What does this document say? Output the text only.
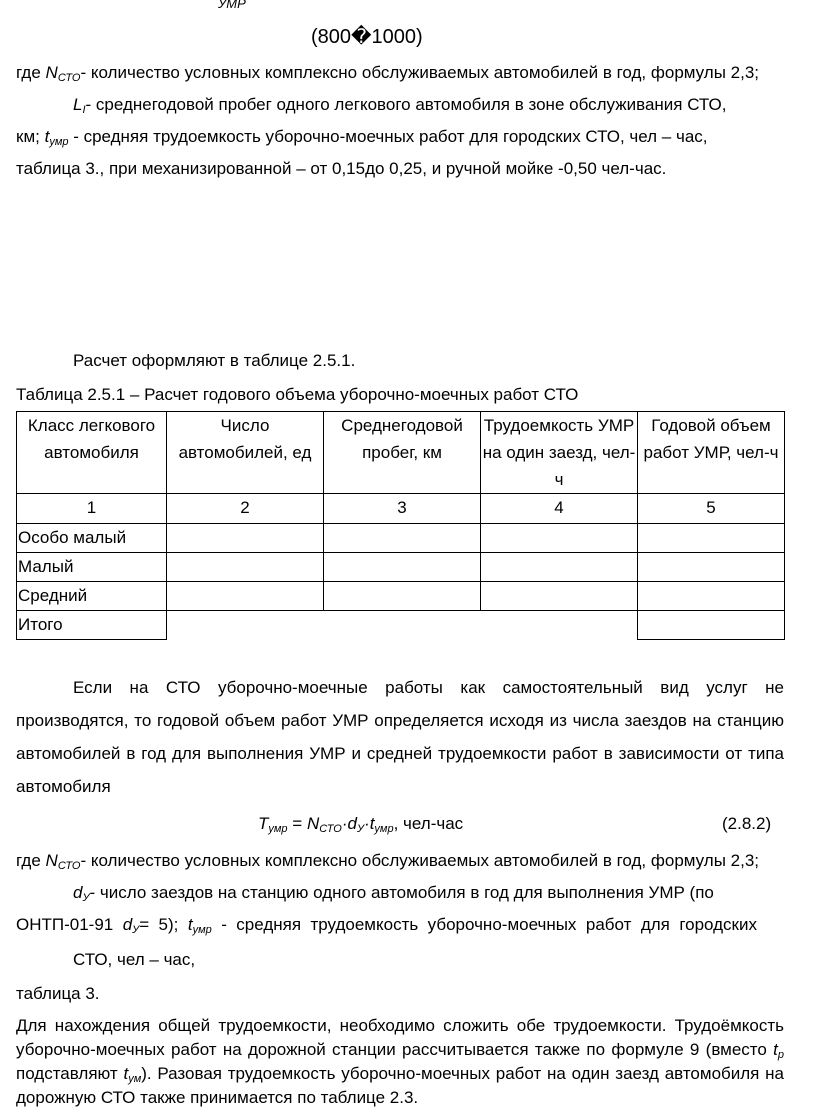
УМР
(800�1000)
где $N_{СТО}-$ количество условных комплексно обслуживаемых автомобилей в год, формулы 2,3;
$L_I-$ среднегодовой пробег одного легкового автомобиля в зоне обслуживания СТО,
км; $t_{умр}$ - средняя трудоемкость уборочно-моечных работ для городских СТО, чел – час,
таблица 3., при механизированной – от 0,15до 0,25, и ручной мойке -0,50 чел-час.
Расчет оформляют в таблице 2.5.1.
Таблица 2.5.1 – Расчет годового объема уборочно-моечных работ СТО
Класс легкового автомобиля	Число автомобилей, ед	Среднегодовой пробег, км	Трудоемкость УМР на один заезд, чел-ч	Годовой объем работ УМР, чел-ч
1	2	3	4	5
Особо малый				
Малый				
Средний				
Итого				
Если на СТО уборочно-моечные работы как самостоятельный вид услуг не
производятся, то годовой объем работ УМР определяется исходя из числа заездов на станцию
автомобилей в год для выполнения УМР и средней трудоемкости работ в зависимости от типа
автомобиля
$T_{умр} = N_{СТО}\cdot d_У\cdot t_{умр}$, чел-час	(2.8.2)
где $N_{СТО}-$ количество условных комплексно обслуживаемых автомобилей в год, формулы 2,3;
$d_У-$ число заездов на станцию одного автомобиля в год для выполнения УМР (по
ОНТП-01-91 $d_У= 5$); $t_{умр}$ - средняя трудоемкость уборочно-моечных работ для городских
СТО, чел – час,
таблица 3.
Для нахождения общей трудоемкости, необходимо сложить обе трудоемкости. Трудоёмкость
уборочно-моечных работ на дорожной станции рассчитывается также по формуле 9 (вместо $t_р$
подставляют $t_{ум}$). Разовая трудоемкость уборочно-моечных работ на один заезд автомобиля на
дорожную СТО также принимается по таблице 2.3.
